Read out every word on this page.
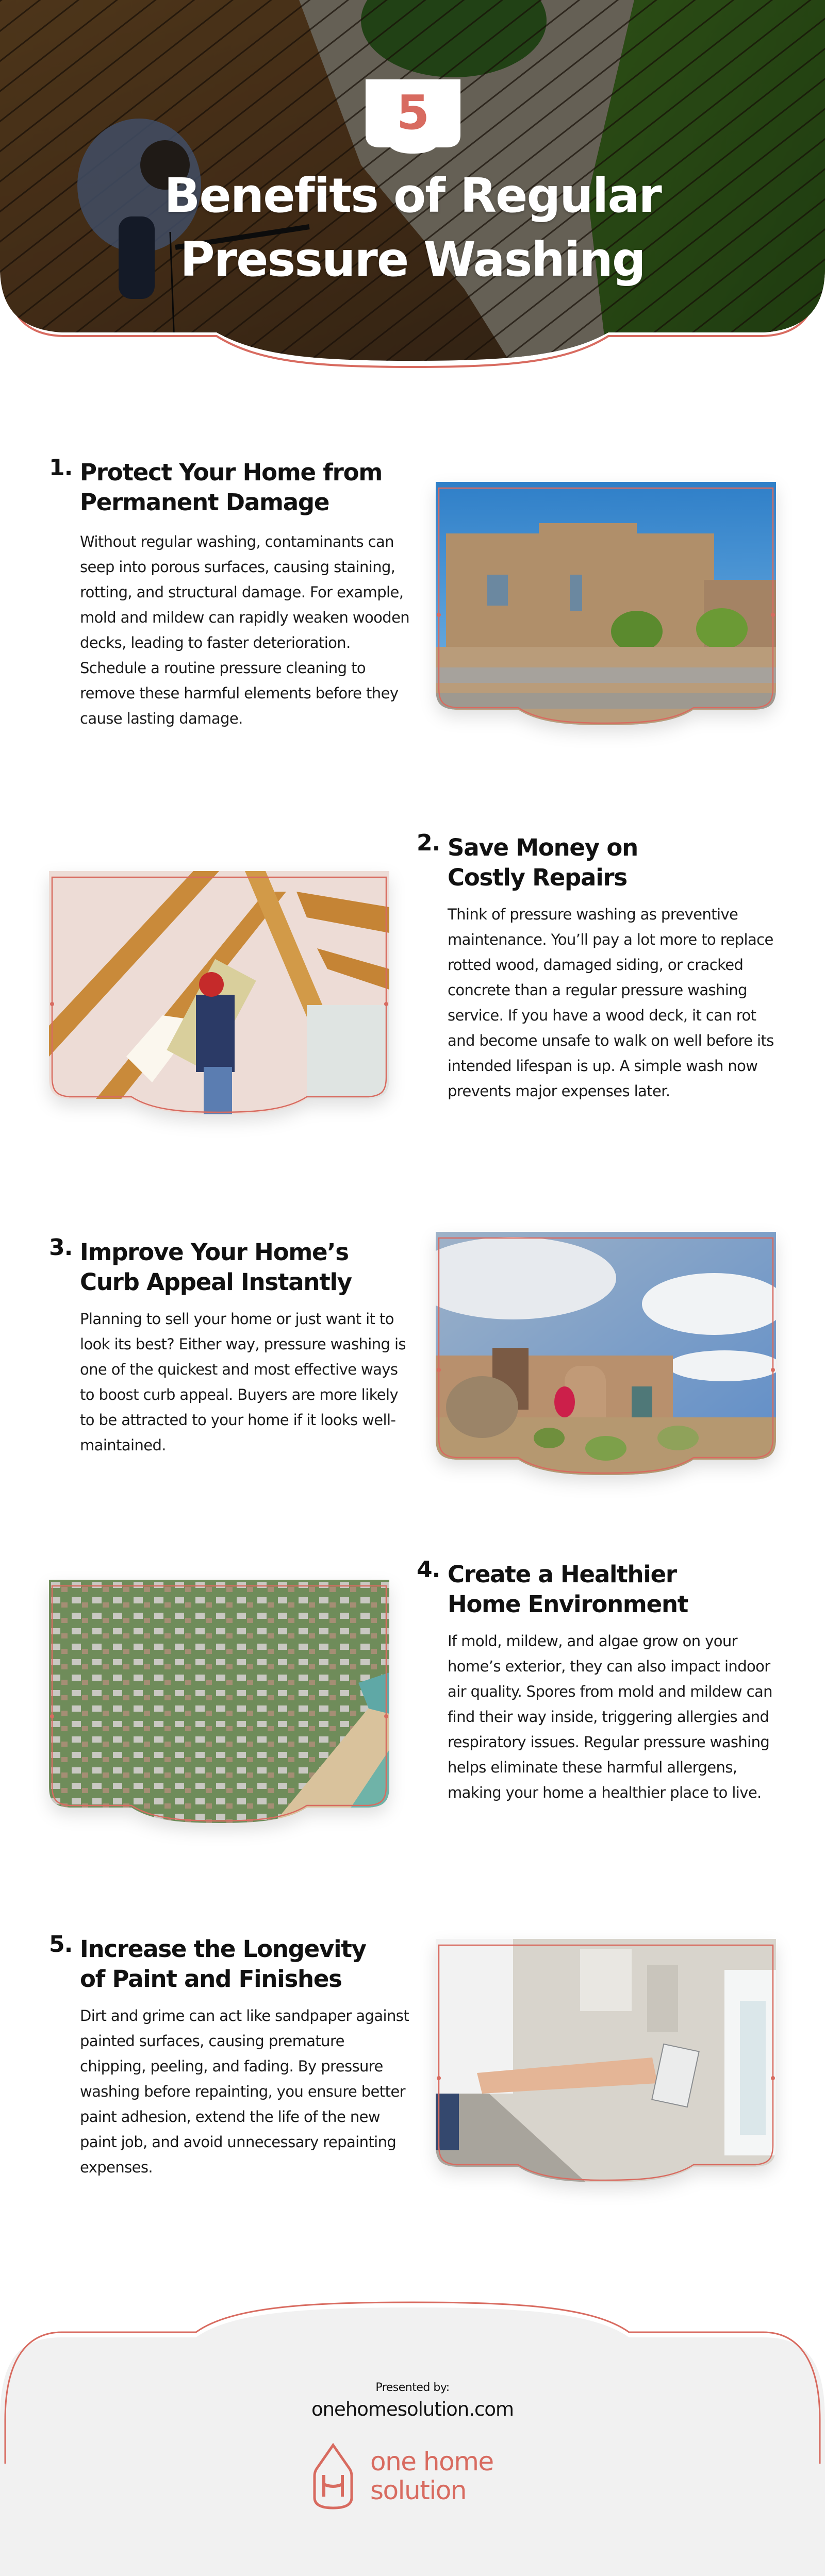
5
Benefits of Regular
Pressure Washing
1. Protect Your Home from
Permanent Damage
Without regular washing, contaminants can seep into porous surfaces, causing staining, rotting, and structural damage. For example, mold and mildew can rapidly weaken wooden decks, leading to faster deterioration. Schedule a routine pressure cleaning to remove these harmful elements before they cause lasting damage.
2. Save Money on
Costly Repairs
Think of pressure washing as preventive maintenance. You’ll pay a lot more to replace rotted wood, damaged siding, or cracked concrete than a regular pressure washing service. If you have a wood deck, it can rot and become unsafe to walk on well before its intended lifespan is up. A simple wash now prevents major expenses later.
3. Improve Your Home’s
Curb Appeal Instantly
Planning to sell your home or just want it to look its best? Either way, pressure washing is one of the quickest and most effective ways to boost curb appeal. Buyers are more likely to be attracted to your home if it looks well-maintained.
4. Create a Healthier
Home Environment
If mold, mildew, and algae grow on your home’s exterior, they can also impact indoor air quality. Spores from mold and mildew can find their way inside, triggering allergies and respiratory issues. Regular pressure washing helps eliminate these harmful allergens, making your home a healthier place to live.
5. Increase the Longevity
of Paint and Finishes
Dirt and grime can act like sandpaper against painted surfaces, causing premature chipping, peeling, and fading. By pressure washing before repainting, you ensure better paint adhesion, extend the life of the new paint job, and avoid unnecessary repainting expenses.
Presented by:
onehomesolution.com
one home
solution
